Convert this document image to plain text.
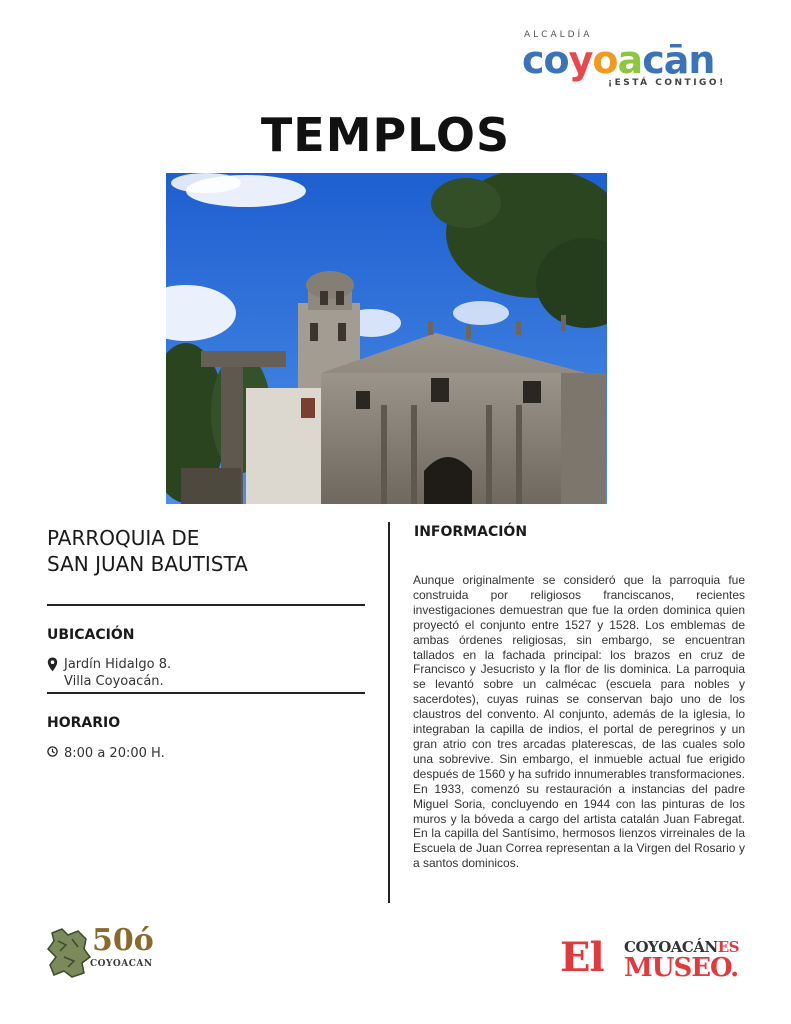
ALCALDÍA
coyoacān
¡ESTÁ CONTIGO!
TEMPLOS
PARROQUIA DE
SAN JUAN BAUTISTA
UBICACIÓN
Jardín Hidalgo 8.
Villa Coyoacán.
HORARIO
8:00 a 20:00 H.
INFORMACIÓN
Aunque originalmente se consideró que la parroquia fue construida por religiosos franciscanos, recientes investigaciones demuestran que fue la orden dominica quien proyectó el conjunto entre 1527 y 1528. Los emblemas de ambas órdenes religiosas, sin embargo, se encuentran tallados en la fachada principal: los brazos en cruz de Francisco y Jesucristo y la flor de lis dominica. La parroquia se levantó sobre un calmécac (escuela para nobles y sacerdotes), cuyas ruinas se conservan bajo uno de los claustros del convento. Al conjunto, además de la iglesia, lo integraban la capilla de indios, el portal de peregrinos y un gran atrio con tres arcadas platerescas, de las cuales solo una sobrevive. Sin embargo, el inmueble actual fue erigido después de 1560 y ha sufrido innumerables transformaciones. En 1933, comenzó su restauración a instancias del padre Miguel Soria, concluyendo en 1944 con las pinturas de los muros y la bóveda a cargo del artista catalán Juan Fabregat. En la capilla del Santísimo, hermosos lienzos virreinales de la Escuela de Juan Correa representan a la Virgen del Rosario y a santos dominicos.
50ó
COYOACAN	El COYOACÁNES
MUSEO.
